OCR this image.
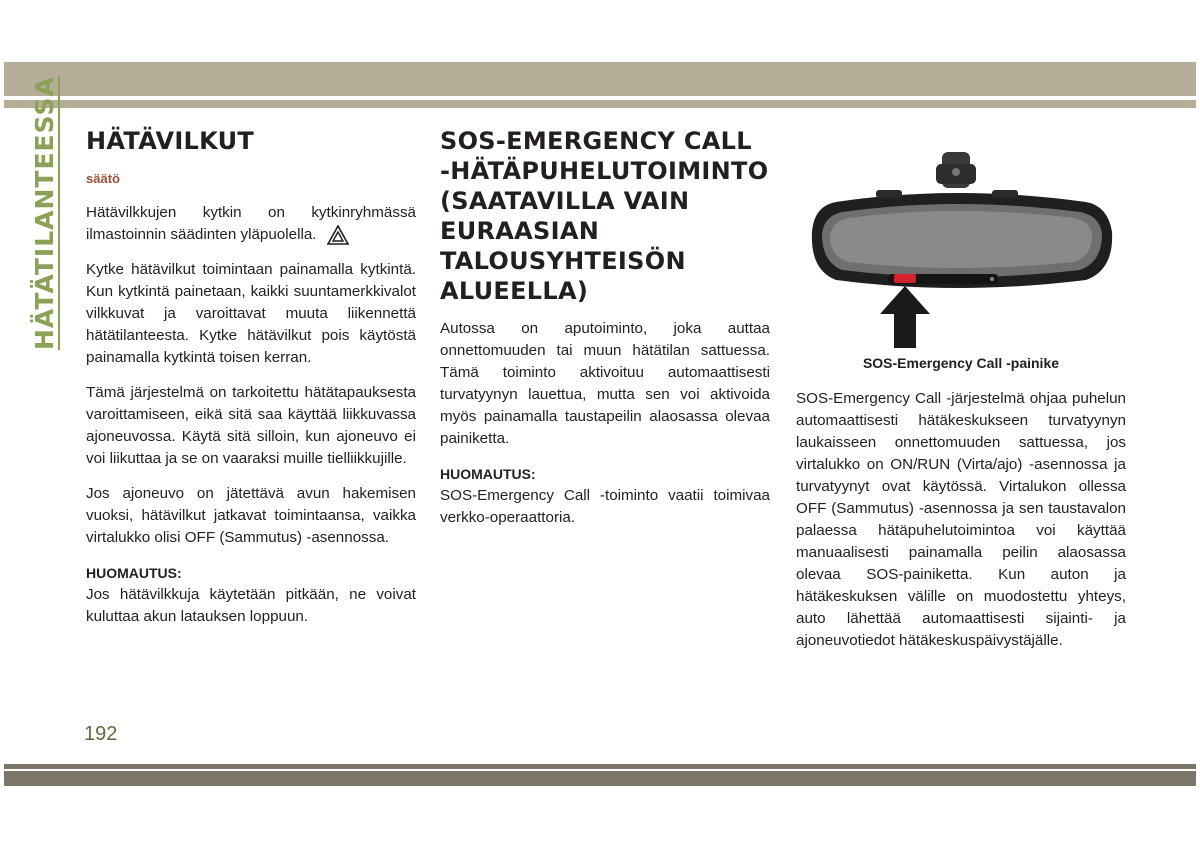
HÄTÄTILANTEESSA HÄTÄVILKUT
säätö

Hätävilkkujen kytkin on kytkinryhmässä ilmastoinnin säädinten yläpuolella.

Kytke hätävilkut toimintaan painamalla kytkintä. Kun kytkintä painetaan, kaikki suuntamerkkivalot vilkkuvat ja varoittavat muuta liikennettä hätätilanteesta. Kytke hätävilkut pois käytöstä painamalla kytkintä toisen kerran.

Tämä järjestelmä on tarkoitettu hätätapauksesta varoittamiseen, eikä sitä saa käyttää liikkuvassa ajoneuvossa. Käytä sitä silloin, kun ajoneuvo ei voi liikuttaa ja se on vaaraksi muille tielliikkujille.

Jos ajoneuvo on jätettävä avun hakemisen vuoksi, hätävilkut jatkavat toimintaansa, vaikka virtalukko olisi OFF (Sammutus) -asennossa.

HUOMAUTUS:

Jos hätävilkkuja käytetään pitkään, ne voivat kuluttaa akun latauksen loppuun.

SOS-EMERGENCY CALL -HÄTÄPUHELUTOIMINTO (SAATAVILLA VAIN EURAASIAN TALOUSYHTEISÖN ALUEELLA)

Autossa on aputoiminto, joka auttaa onnettomuuden tai muun hätätilan sattuessa. Tämä toiminto aktivoituu automaattisesti turvatyynyn lauettua, mutta sen voi aktivoida myös painamalla taustapeilin alaosassa olevaa painiketta.

HUOMAUTUS:

SOS-Emergency Call -toiminto vaatii toimivaa verkko-operaattoria.

SOS-Emergency Call -painike

SOS-Emergency Call -järjestelmä ohjaa puhelun automaattisesti hätäkeskukseen turvatyynyn laukaisseen onnettomuuden sattuessa, jos virtalukko on ON/RUN (Virta/ajo) -asennossa ja turvatyynyt ovat käytössä. Virtalukon ollessa OFF (Sammutus) -asennossa ja sen taustavalon palaessa hätäpuhelutoimintoa voi käyttää manuaalisesti painamalla peilin alaosassa olevaa SOS-painiketta. Kun auton ja hätäkeskuksen välille on muodostettu yhteys, auto lähettää automaattisesti sijainti- ja ajoneuvotiedot hätäkeskuspäivystäjälle.

192
